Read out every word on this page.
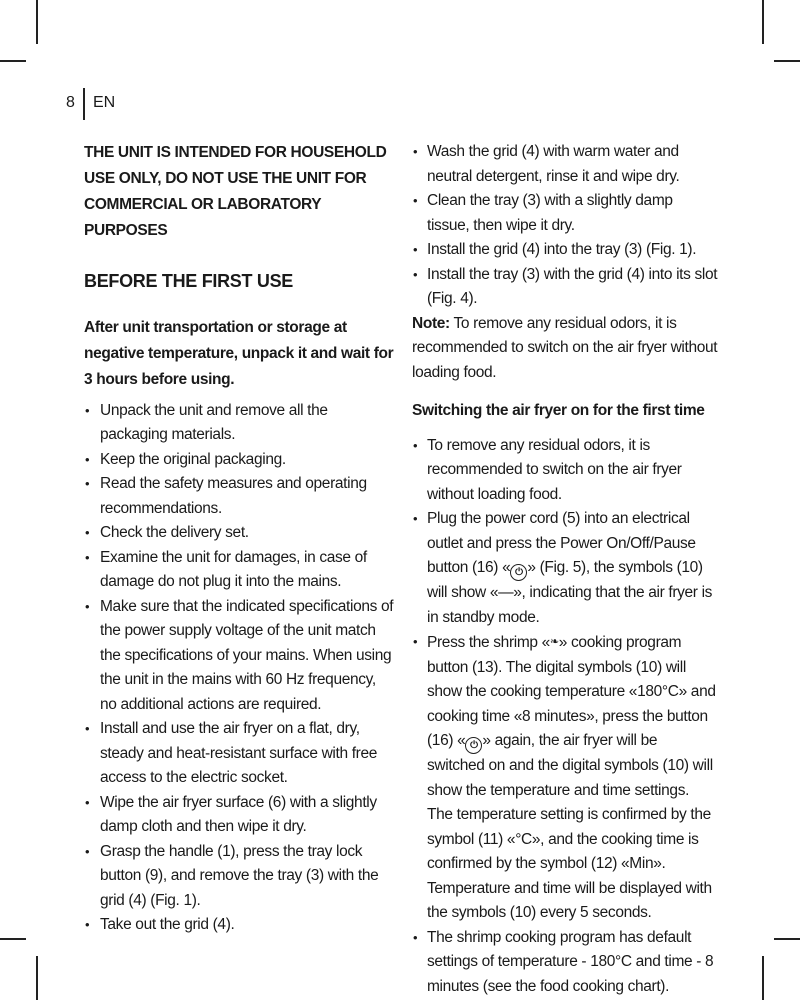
8 EN

THE UNIT IS INTENDED FOR HOUSEHOLD USE ONLY, DO NOT USE THE UNIT FOR COMMERCIAL OR LABORATORY PURPOSES

BEFORE THE FIRST USE

After unit transportation or storage at negative temperature, unpack it and wait for 3 hours before using.

• Unpack the unit and remove all the packaging materials.
• Keep the original packaging.
• Read the safety measures and operating recommendations.
• Check the delivery set.
• Examine the unit for damages, in case of damage do not plug it into the mains.
• Make sure that the indicated specifications of the power supply voltage of the unit match the specifications of your mains. When using the unit in the mains with 60 Hz frequency, no additional actions are required.
• Install and use the air fryer on a flat, dry, steady and heat-resistant surface with free access to the electric socket.
• Wipe the air fryer surface (6) with a slightly damp cloth and then wipe it dry.
• Grasp the handle (1), press the tray lock button (9), and remove the tray (3) with the grid (4) (Fig. 1).
• Take out the grid (4).
• Wash the grid (4) with warm water and neutral detergent, rinse it and wipe dry.
• Clean the tray (3) with a slightly damp tissue, then wipe it dry.
• Install the grid (4) into the tray (3) (Fig. 1).
• Install the tray (3) with the grid (4) into its slot (Fig. 4).

Note: To remove any residual odors, it is recommended to switch on the air fryer without loading food.

Switching the air fryer on for the first time

• To remove any residual odors, it is recommended to switch on the air fryer without loading food.
• Plug the power cord (5) into an electrical outlet and press the Power On/Off/Pause button (16) « ⏻ » (Fig. 5), the symbols (10) will show «—», indicating that the air fryer is in standby mode.
• Press the shrimp «❧» cooking program button (13). The digital symbols (10) will show the cooking temperature «180°C» and cooking time «8 minutes», press the button (16) « ⏻ » again, the air fryer will be switched on and the digital symbols (10) will show the temperature and time settings. The temperature setting is confirmed by the symbol (11) «°C», and the cooking time is confirmed by the symbol (12) «Min». Temperature and time will be displayed with the symbols (10) every 5 seconds.
• The shrimp cooking program has default settings of temperature - 180°C and time - 8 minutes (see the food cooking chart).
